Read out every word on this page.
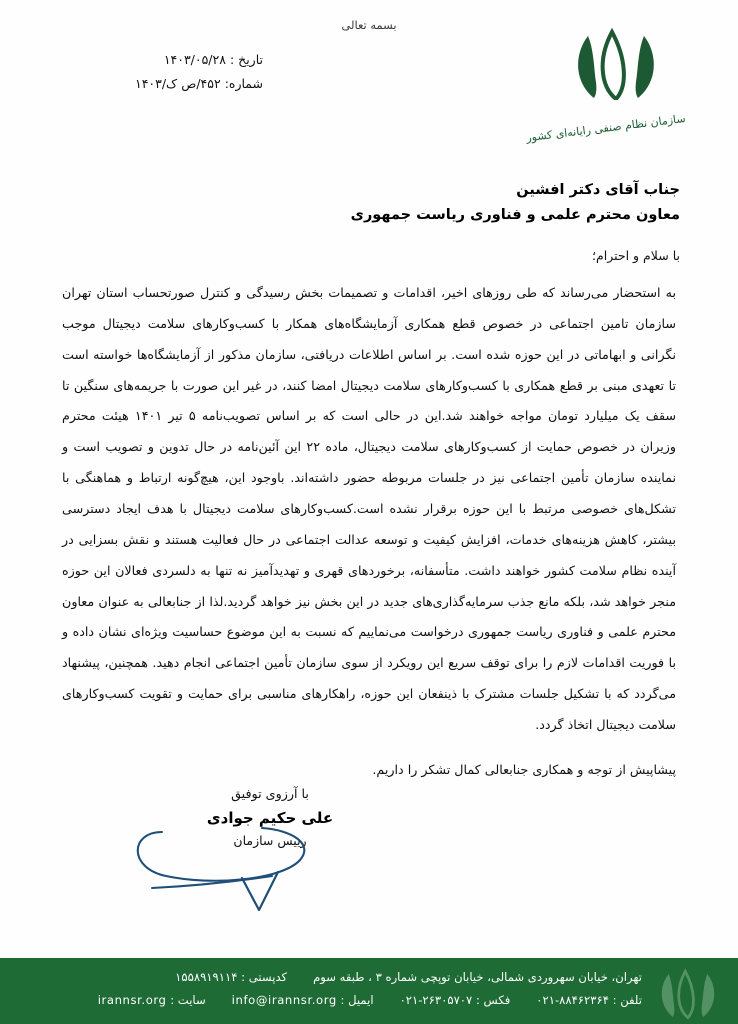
بسمه تعالی
تاریخ : ۱۴۰۳/۰۵/۲۸
شماره: ۴۵۲/ص ک/۱۴۰۳
سازمان نظام صنفی رایانه‌ای کشور
جناب آقای دکتر افشین
معاون محترم علمی و فناوری ریاست جمهوری
با سلام و احترام؛
به استحضار می‌رساند که طی روزهای اخیر، اقدامات و تصمیمات بخش رسیدگی و کنترل صورتحساب استان تهران سازمان تامین اجتماعی در خصوص قطع همکاری آزمایشگاه‌های همکار با کسب‌وکارهای سلامت دیجیتال موجب نگرانی و ابهاماتی در این حوزه شده است. بر اساس اطلاعات دریافتی، سازمان مذکور از آزمایشگاه‌ها خواسته است تا تعهدی مبنی بر قطع همکاری با کسب‌وکارهای سلامت دیجیتال امضا کنند، در غیر این صورت با جریمه‌های سنگین تا سقف یک میلیارد تومان مواجه خواهند شد.این در حالی است که بر اساس تصویب‌نامه ۵ تیر ۱۴۰۱ هیئت محترم وزیران در خصوص حمایت از کسب‌وکارهای سلامت دیجیتال، ماده ۲۲ این آئین‌نامه در حال تدوین و تصویب است و نماینده سازمان تأمین اجتماعی نیز در جلسات مربوطه حضور داشته‌اند. باوجود این، هیچ‌گونه ارتباط و هماهنگی با تشکل‌های خصوصی مرتبط با این حوزه برقرار نشده است.کسب‌وکارهای سلامت دیجیتال با هدف ایجاد دسترسی بیشتر، کاهش هزینه‌های خدمات، افزایش کیفیت و توسعه عدالت اجتماعی در حال فعالیت هستند و نقش بسزایی در آینده نظام سلامت کشور خواهند داشت. متأسفانه، برخوردهای قهری و تهدیدآمیز نه تنها به دلسردی فعالان این حوزه منجر خواهد شد، بلکه مانع جذب سرمایه‌گذاری‌های جدید در این بخش نیز خواهد گردید.لذا از جنابعالی به عنوان معاون محترم علمی و فناوری ریاست جمهوری درخواست می‌نماییم که نسبت به این موضوع حساسیت ویژه‌ای نشان داده و با فوریت اقدامات لازم را برای توقف سریع این رویکرد از سوی سازمان تأمین اجتماعی انجام دهید. همچنین، پیشنهاد می‌گردد که با تشکیل جلسات مشترک با ذینفعان این حوزه، راهکارهای مناسبی برای حمایت و تقویت کسب‌وکارهای سلامت دیجیتال اتخاذ گردد.
پیشاپیش از توجه و همکاری جنابعالی کمال تشکر را داریم.
با آرزوی توفیق
علی حکیم جوادی
رییس سازمان
تهران، خیابان سهروردی شمالی، خیابان توپچی شماره ۳ ، طبقه سوم
کدپستی : ۱۵۵۸۹۱۹۱۱۴
تلفن : ۰۲۱-۸۸۴۶۲۳۶۴
فکس : ۰۲۱-۲۶۳۰۵۷۰۷
ایمیل : info@irannsr.org
سایت : irannsr.org
